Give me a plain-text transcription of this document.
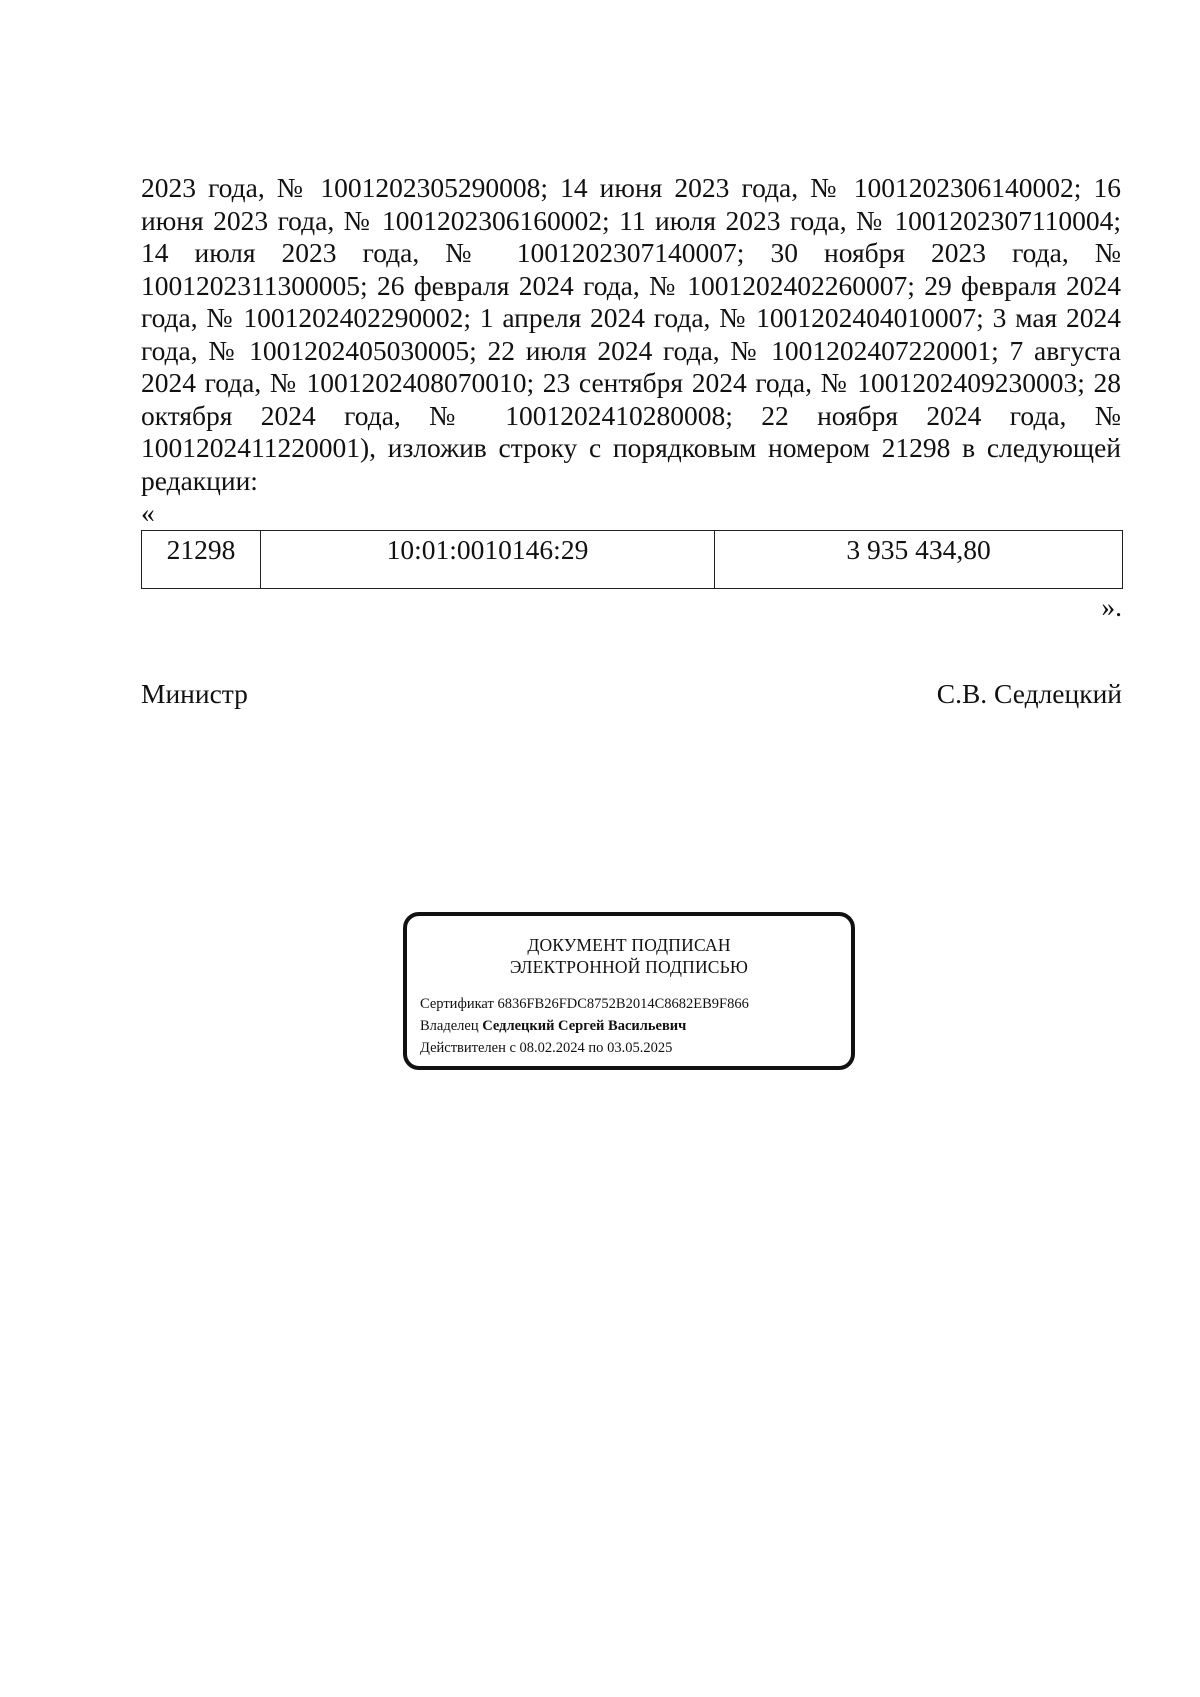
2023 года, № 1001202305290008; 14 июня 2023 года, № 1001202306140002; 16 июня 2023 года, № 1001202306160002; 11 июля 2023 года, № 1001202307110004; 14 июля 2023 года, № 1001202307140007; 30 ноября 2023 года, № 1001202311300005; 26 февраля 2024 года, № 1001202402260007; 29 февраля 2024 года, № 1001202402290002; 1 апреля 2024 года, № 1001202404010007; 3 мая 2024 года, № 1001202405030005; 22 июля 2024 года, № 1001202407220001; 7 августа 2024 года, № 1001202408070010; 23 сентября 2024 года, № 1001202409230003; 28 октября 2024 года, № 1001202410280008; 22 ноября 2024 года, № 1001202411220001), изложив строку с порядковым номером 21298 в следующей редакции:

«
21298	10:01:0010146:29	3 935 434,80
».
Министр	С.В. Седлецкий
ДОКУМЕНТ ПОДПИСАН
ЭЛЕКТРОННОЙ ПОДПИСЬЮ
Сертификат 6836FB26FDC8752B2014C8682EB9F866
Владелец Седлецкий Сергей Васильевич
Действителен с 08.02.2024 по 03.05.2025
